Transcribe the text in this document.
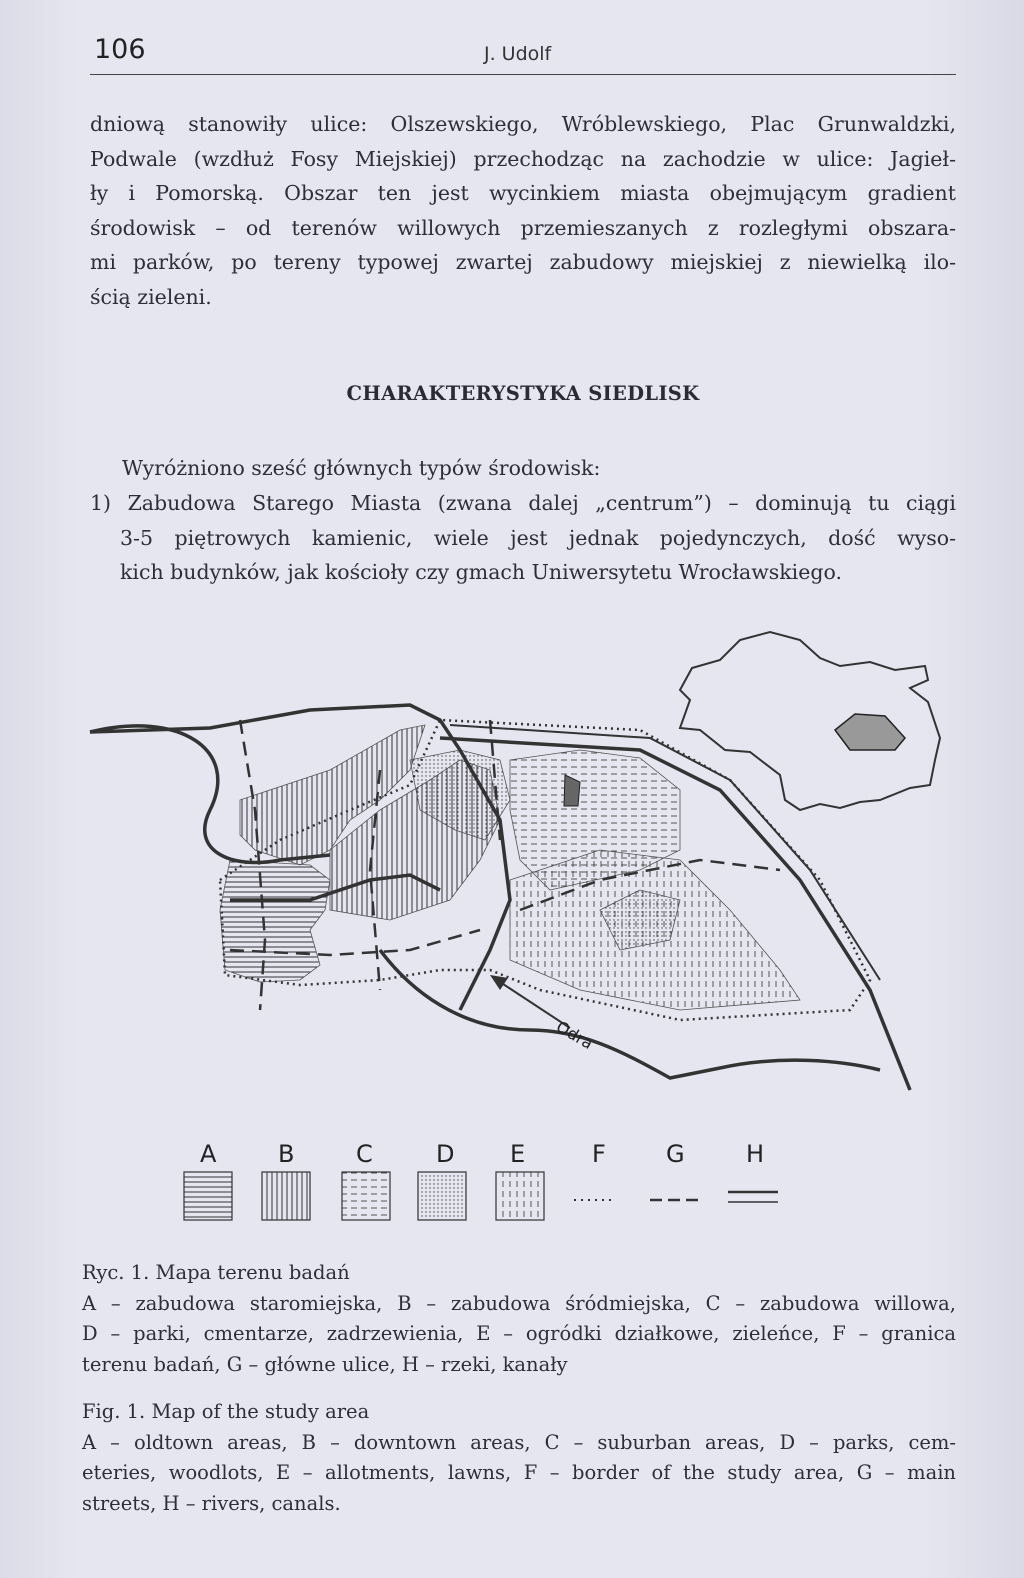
106	J. Udolf
dniową stanowiły ulice: Olszewskiego, Wróblewskiego, Plac Grunwaldzki,
Podwale (wzdłuż Fosy Miejskiej) przechodząc na zachodzie w ulice: Jagieł-
ły i Pomorską. Obszar ten jest wycinkiem miasta obejmującym gradient
środowisk – od terenów willowych przemieszanych z rozległymi obszara-
mi parków, po tereny typowej zwartej zabudowy miejskiej z niewielką ilo-
ścią zieleni.
CHARAKTERYSTYKA SIEDLISK
Wyróżniono sześć głównych typów środowisk:
1) Zabudowa Starego Miasta (zwana dalej „centrum”) – dominują tu ciągi
3-5 piętrowych kamienic, wiele jest jednak pojedynczych, dość wyso-
kich budynków, jak kościoły czy gmach Uniwersytetu Wrocławskiego.
Odra
A	B	C	D E	F	G	H
Ryc. 1. Mapa terenu badań
A – zabudowa staromiejska, B – zabudowa śródmiejska, C – zabudowa willowa,
D – parki, cmentarze, zadrzewienia, E – ogródki działkowe, zieleńce, F – granica
terenu badań, G – główne ulice, H – rzeki, kanały
Fig. 1. Map of the study area
A – oldtown areas, B – downtown areas, C – suburban areas, D – parks, cem-
eteries, woodlots, E – allotments, lawns, F – border of the study area, G – main
streets, H – rivers, canals.
